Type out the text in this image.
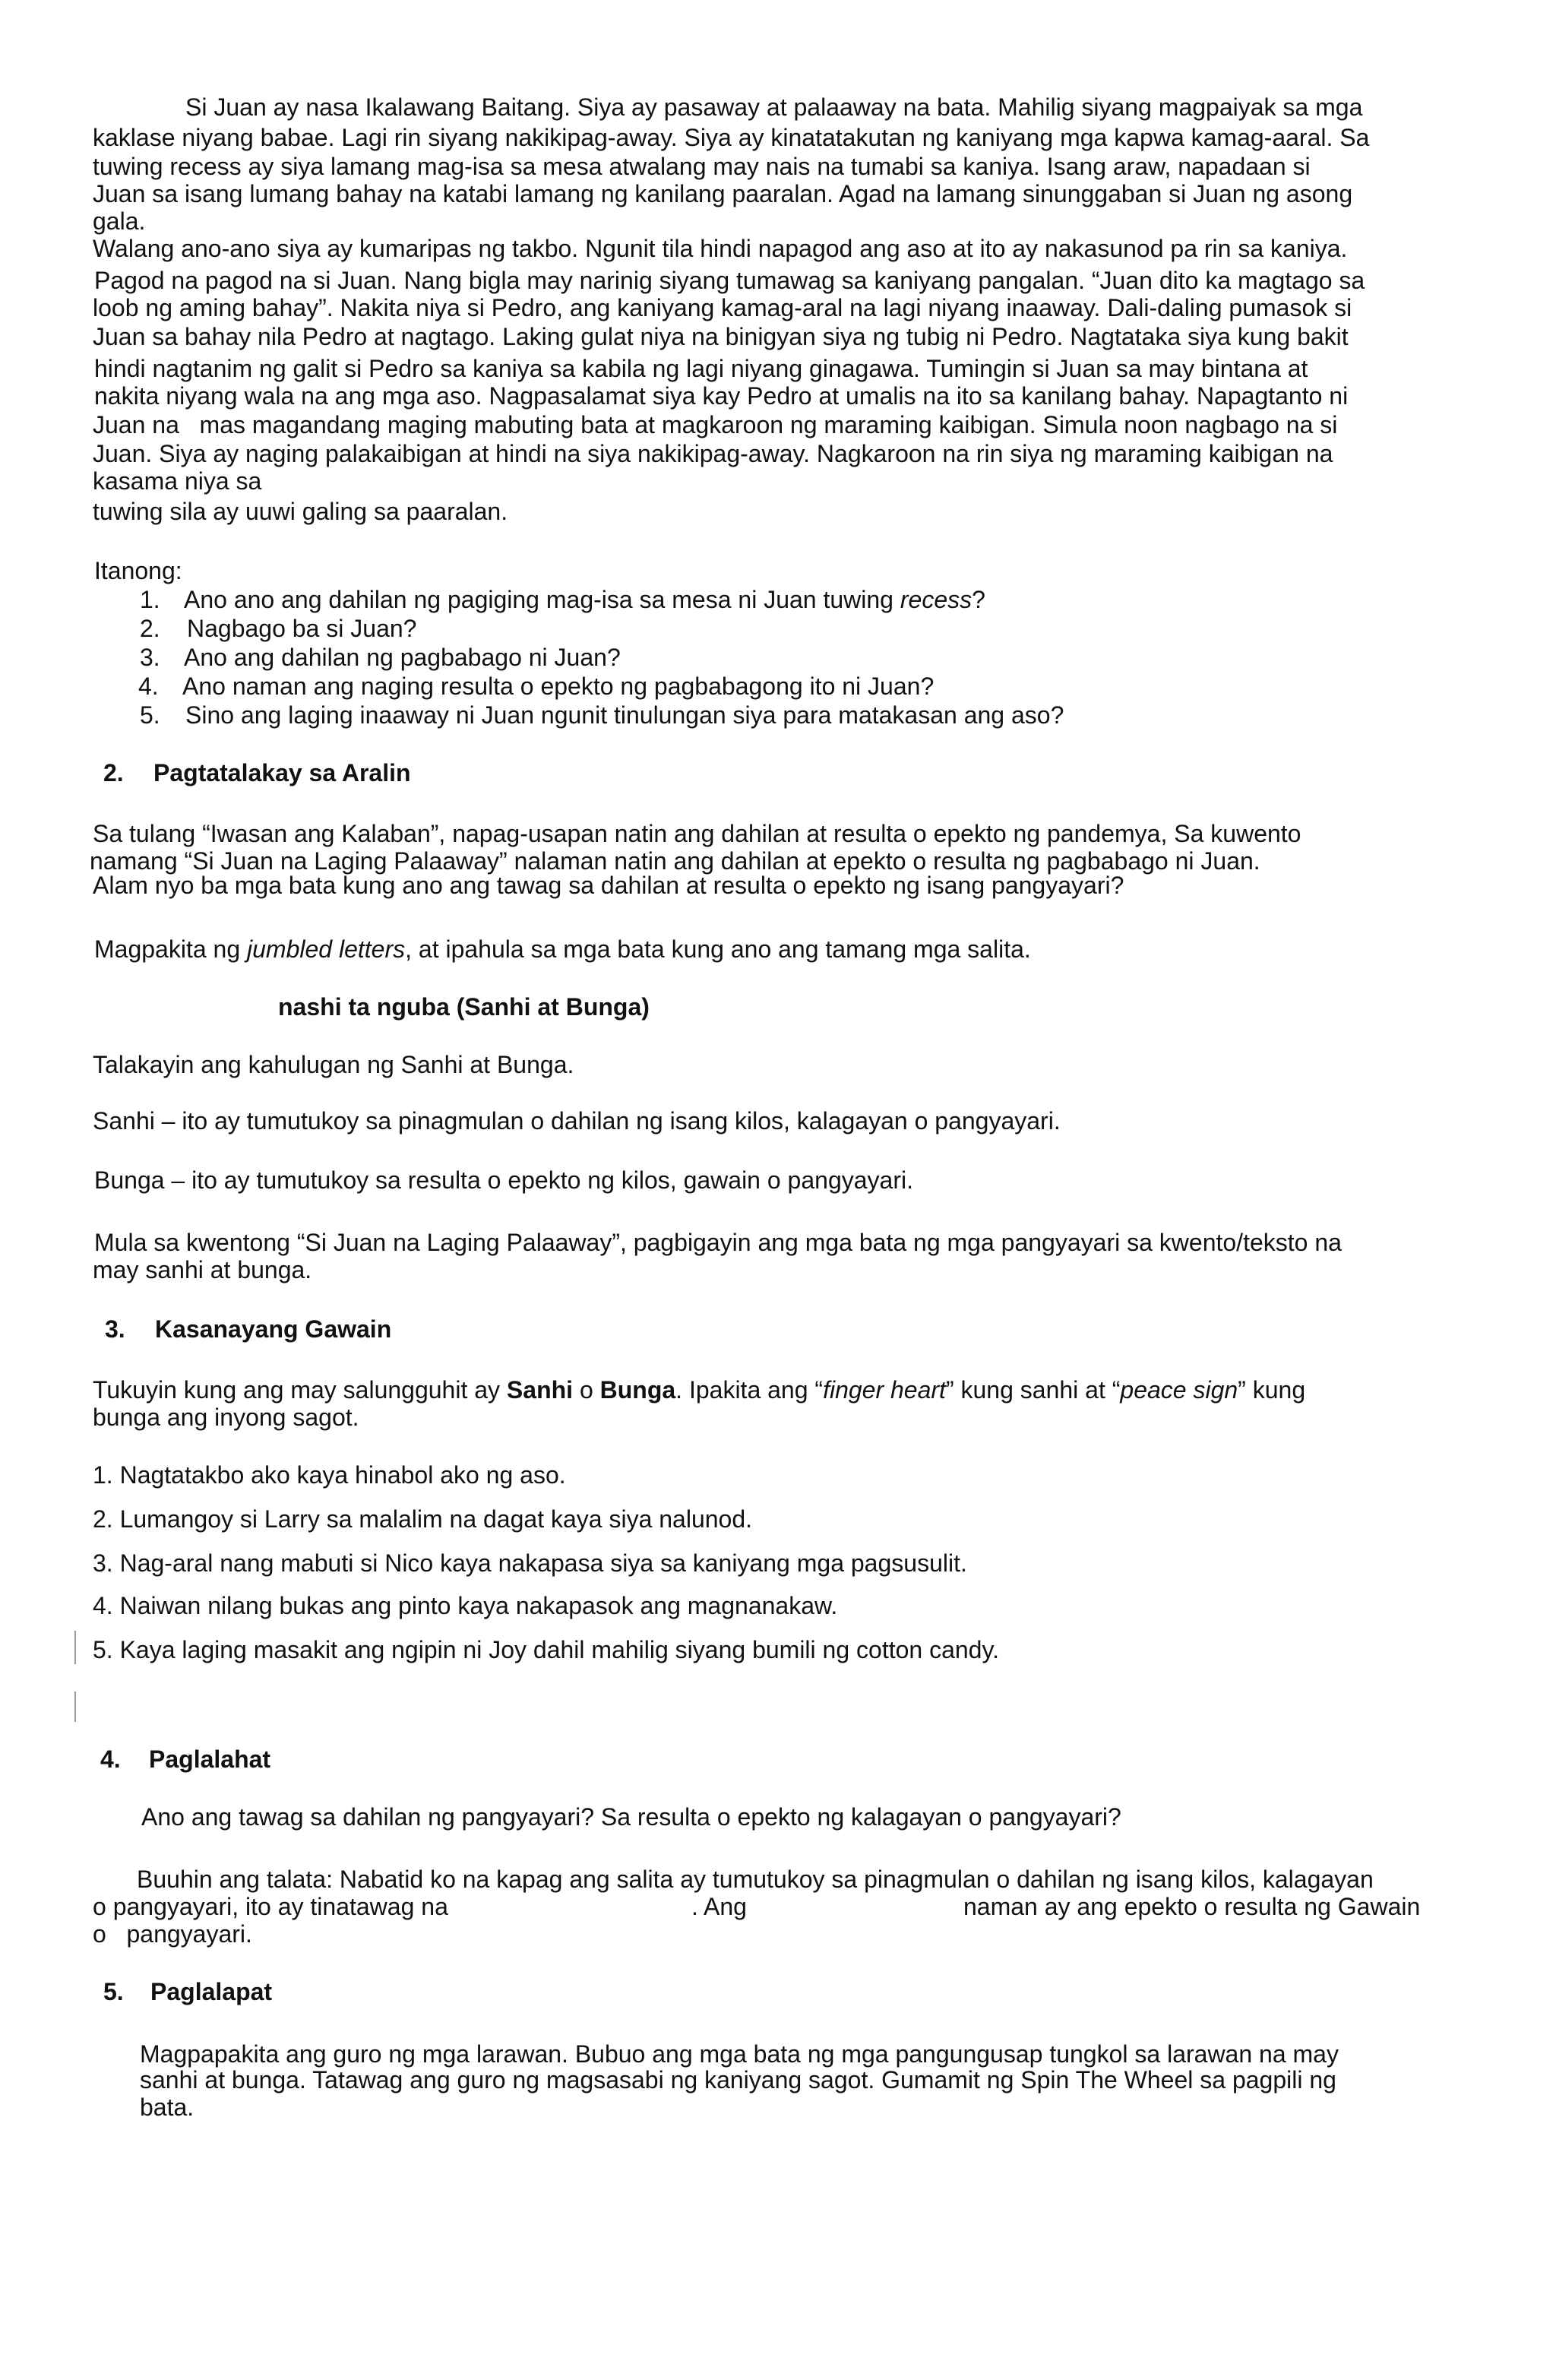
Si Juan ay nasa Ikalawang Baitang. Siya ay pasaway at palaaway na bata. Mahilig siyang magpaiyak sa mga
kaklase niyang babae. Lagi rin siyang nakikipag-away. Siya ay kinatatakutan ng kaniyang mga kapwa kamag-aaral. Sa
tuwing recess ay siya lamang mag-isa sa mesa atwalang may nais na tumabi sa kaniya. Isang araw, napadaan si
Juan sa isang lumang bahay na katabi lamang ng kanilang paaralan. Agad na lamang sinunggaban si Juan ng asong
gala.
Walang ano-ano siya ay kumaripas ng takbo. Ngunit tila hindi napagod ang aso at ito ay nakasunod pa rin sa kaniya.
Pagod na pagod na si Juan. Nang bigla may narinig siyang tumawag sa kaniyang pangalan. “Juan dito ka magtago sa
loob ng aming bahay”. Nakita niya si Pedro, ang kaniyang kamag-aral na lagi niyang inaaway. Dali-daling pumasok si
Juan sa bahay nila Pedro at nagtago. Laking gulat niya na binigyan siya ng tubig ni Pedro. Nagtataka siya kung bakit
hindi nagtanim ng galit si Pedro sa kaniya sa kabila ng lagi niyang ginagawa. Tumingin si Juan sa may bintana at
nakita niyang wala na ang mga aso. Nagpasalamat siya kay Pedro at umalis na ito sa kanilang bahay. Napagtanto ni
Juan na   mas magandang maging mabuting bata at magkaroon ng maraming kaibigan. Simula noon nagbago na si
Juan. Siya ay naging palakaibigan at hindi na siya nakikipag-away. Nagkaroon na rin siya ng maraming kaibigan na
kasama niya sa
tuwing sila ay uuwi galing sa paaralan.
Itanong:
1. Ano ano ang dahilan ng pagiging mag-isa sa mesa ni Juan tuwing recess?
2. Nagbago ba si Juan?
3. Ano ang dahilan ng pagbabago ni Juan?
4. Ano naman ang naging resulta o epekto ng pagbabagong ito ni Juan?
5. Sino ang laging inaaway ni Juan ngunit tinulungan siya para matakasan ang aso?
2. Pagtatalakay sa Aralin
Sa tulang “Iwasan ang Kalaban”, napag-usapan natin ang dahilan at resulta o epekto ng pandemya, Sa kuwento
namang “Si Juan na Laging Palaaway” nalaman natin ang dahilan at epekto o resulta ng pagbabago ni Juan.
Alam nyo ba mga bata kung ano ang tawag sa dahilan at resulta o epekto ng isang pangyayari?
Magpakita ng jumbled letters, at ipahula sa mga bata kung ano ang tamang mga salita.
nashi ta nguba (Sanhi at Bunga)
Talakayin ang kahulugan ng Sanhi at Bunga.
Sanhi – ito ay tumutukoy sa pinagmulan o dahilan ng isang kilos, kalagayan o pangyayari.
Bunga – ito ay tumutukoy sa resulta o epekto ng kilos, gawain o pangyayari.
Mula sa kwentong “Si Juan na Laging Palaaway”, pagbigayin ang mga bata ng mga pangyayari sa kwento/teksto na
may sanhi at bunga.
3. Kasanayang Gawain
Tukuyin kung ang may salungguhit ay Sanhi o Bunga. Ipakita ang “finger heart” kung sanhi at “peace sign” kung
bunga ang inyong sagot.
1. Nagtatakbo ako kaya hinabol ako ng aso.
2. Lumangoy si Larry sa malalim na dagat kaya siya nalunod.
3. Nag-aral nang mabuti si Nico kaya nakapasa siya sa kaniyang mga pagsusulit.
4. Naiwan nilang bukas ang pinto kaya nakapasok ang magnanakaw.
5. Kaya laging masakit ang ngipin ni Joy dahil mahilig siyang bumili ng cotton candy.
4. Paglalahat
Ano ang tawag sa dahilan ng pangyayari? Sa resulta o epekto ng kalagayan o pangyayari?
Buuhin ang talata: Nabatid ko na kapag ang salita ay tumutukoy sa pinagmulan o dahilan ng isang kilos, kalagayan
o pangyayari, ito ay tinatawag na	. Ang	naman ay ang epekto o resulta ng Gawain
o   pangyayari.
5. Paglalapat
Magpapakita ang guro ng mga larawan. Bubuo ang mga bata ng mga pangungusap tungkol sa larawan na may
sanhi at bunga. Tatawag ang guro ng magsasabi ng kaniyang sagot. Gumamit ng Spin The Wheel sa pagpili ng
bata.
